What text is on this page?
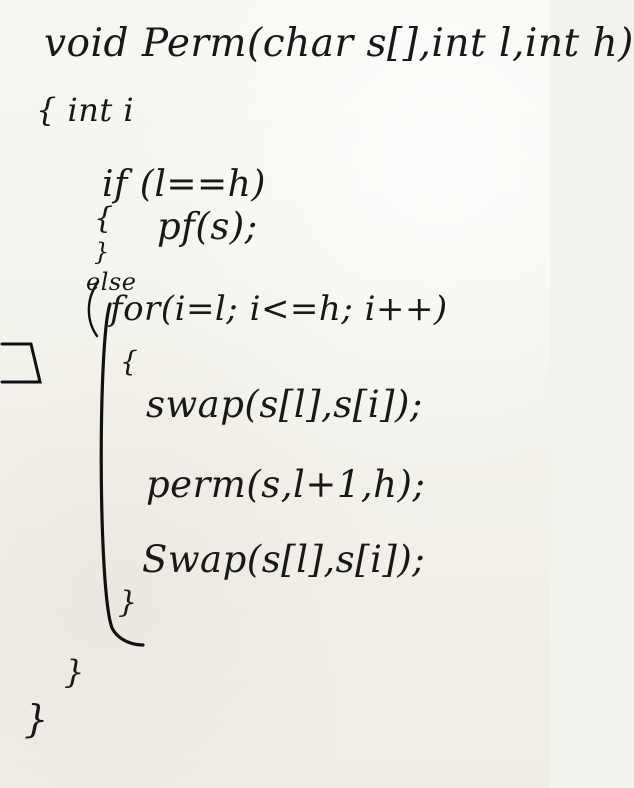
void Perm(char s[],int l,int h)
{ int i
if (l==h)
{ pf(s);
}
else
for(i=l; i<=h; i++)
{
swap(s[l],s[i]);
perm(s,l+1,h);
Swap(s[l],s[i]);
}
}
}
